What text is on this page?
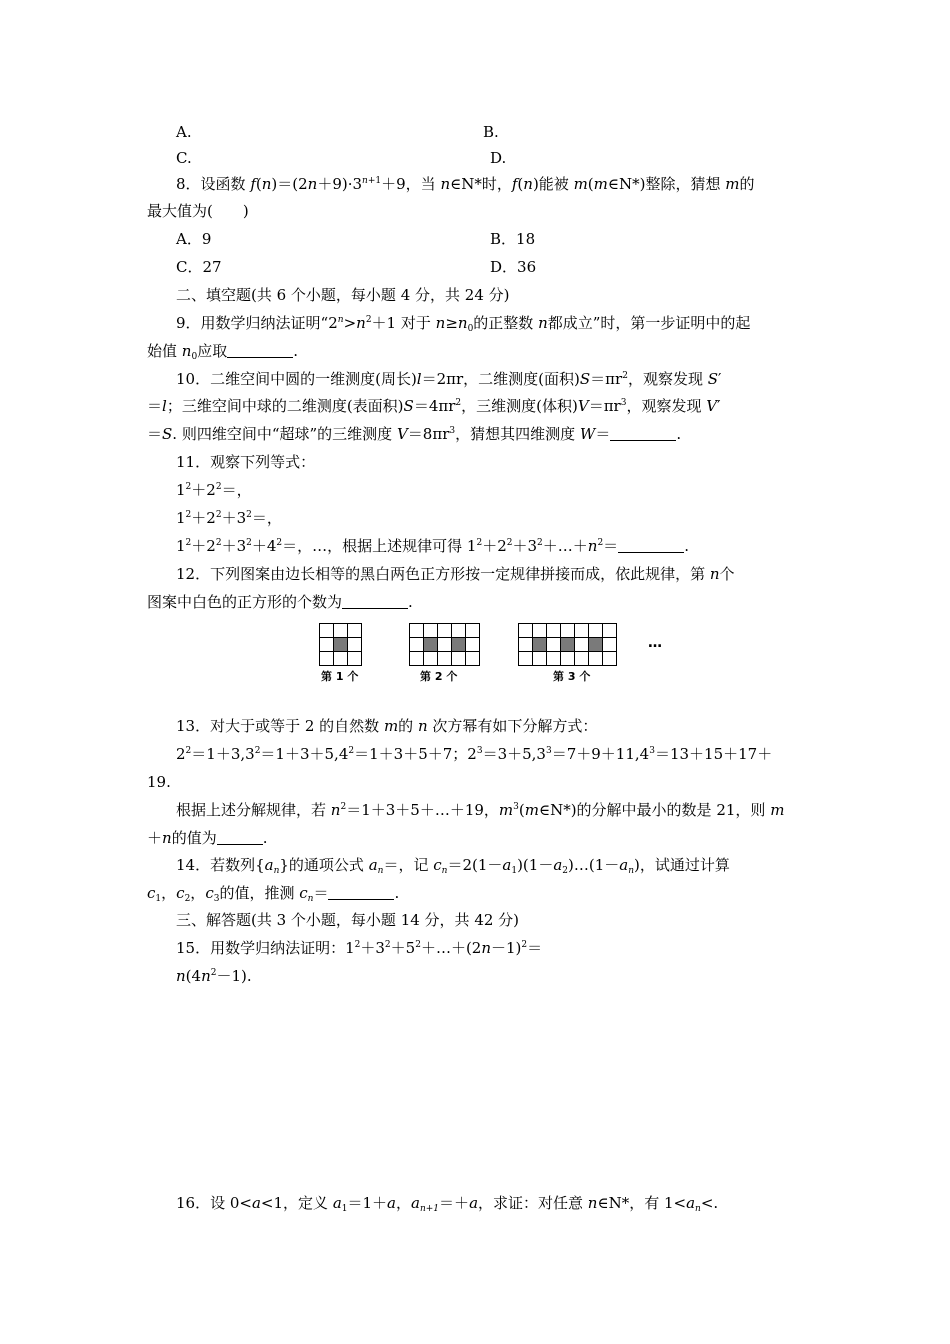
A.	B.
C.	D.
8．设函数 $f(n)=(2n+9)\cdot 3^{n+1}+9$，当 n∈N*时，f(n)能被 m(m∈N*)整除，猜想 m的
最大值为(　　)
A．9	B．18
C．27	D．36
二、填空题(共 6 个小题，每小题 4 分，共 24 分)
9．用数学归纳法证明“$2^n>n^2+1$ 对于 $n\ge n_0$的正整数 n都成立”时，第一步证明中的起
始值 $n_0$应取	.
10．二维空间中圆的一维测度(周长)l＝2πr，二维测度(面积)$S=\pi r^2$，观察发现 S′
＝l；三维空间中球的二维测度(表面积)$S=4\pi r^2$，三维测度(体积)$V=\pi r^3$，观察发现 V′
＝S. 则四维空间中“超球”的三维测度 $V=8\pi r^3$，猜想其四维测度 W＝	.
11．观察下列等式：
$1^2+2^2=$，
$1^2+2^2+3^2=$，
$1^2+2^2+3^2+4^2=$，…，根据上述规律可得 $1^2+2^2+3^2+\dots+n^2=$	.
12．下列图案由边长相等的黑白两色正方形按一定规律拼接而成，依此规律，第 n个
图案中白色的正方形的个数为	.

第 1 个	第 2 个	第 3 个
…
13．对大于或等于 2 的自然数 m的 n 次方幂有如下分解方式：
$2^2=1+3,3^2=1+3+5,4^2=1+3+5+7$；$2^3=3+5,3^3=7+9+11,4^3=13+15+17+$
19.
根据上述分解规律，若 $n^2=1+3+5+\dots+19$，$m^3(m\in N*)$的分解中最小的数是 21，则 m
＋n的值为	.
14．若数列$\{a_n\}$的通项公式 $a_n=$，记 $c_n=2(1-a_1)(1-a_2)\dots(1-a_n)$，试通过计算
$c_1$，$c_2$，$c_3$的值，推测 $c_n=$	.
三、解答题(共 3 个小题，每小题 14 分，共 42 分)
15．用数学归纳法证明：$1^2+3^2+5^2+\dots+(2n-1)^2=$
$n(4n^2-1)$.
16．设 0<a<1，定义 $a_1=1+a$，$a_{n+1}=+a$，求证：对任意 n∈N*，有 $1<a_n<$.
